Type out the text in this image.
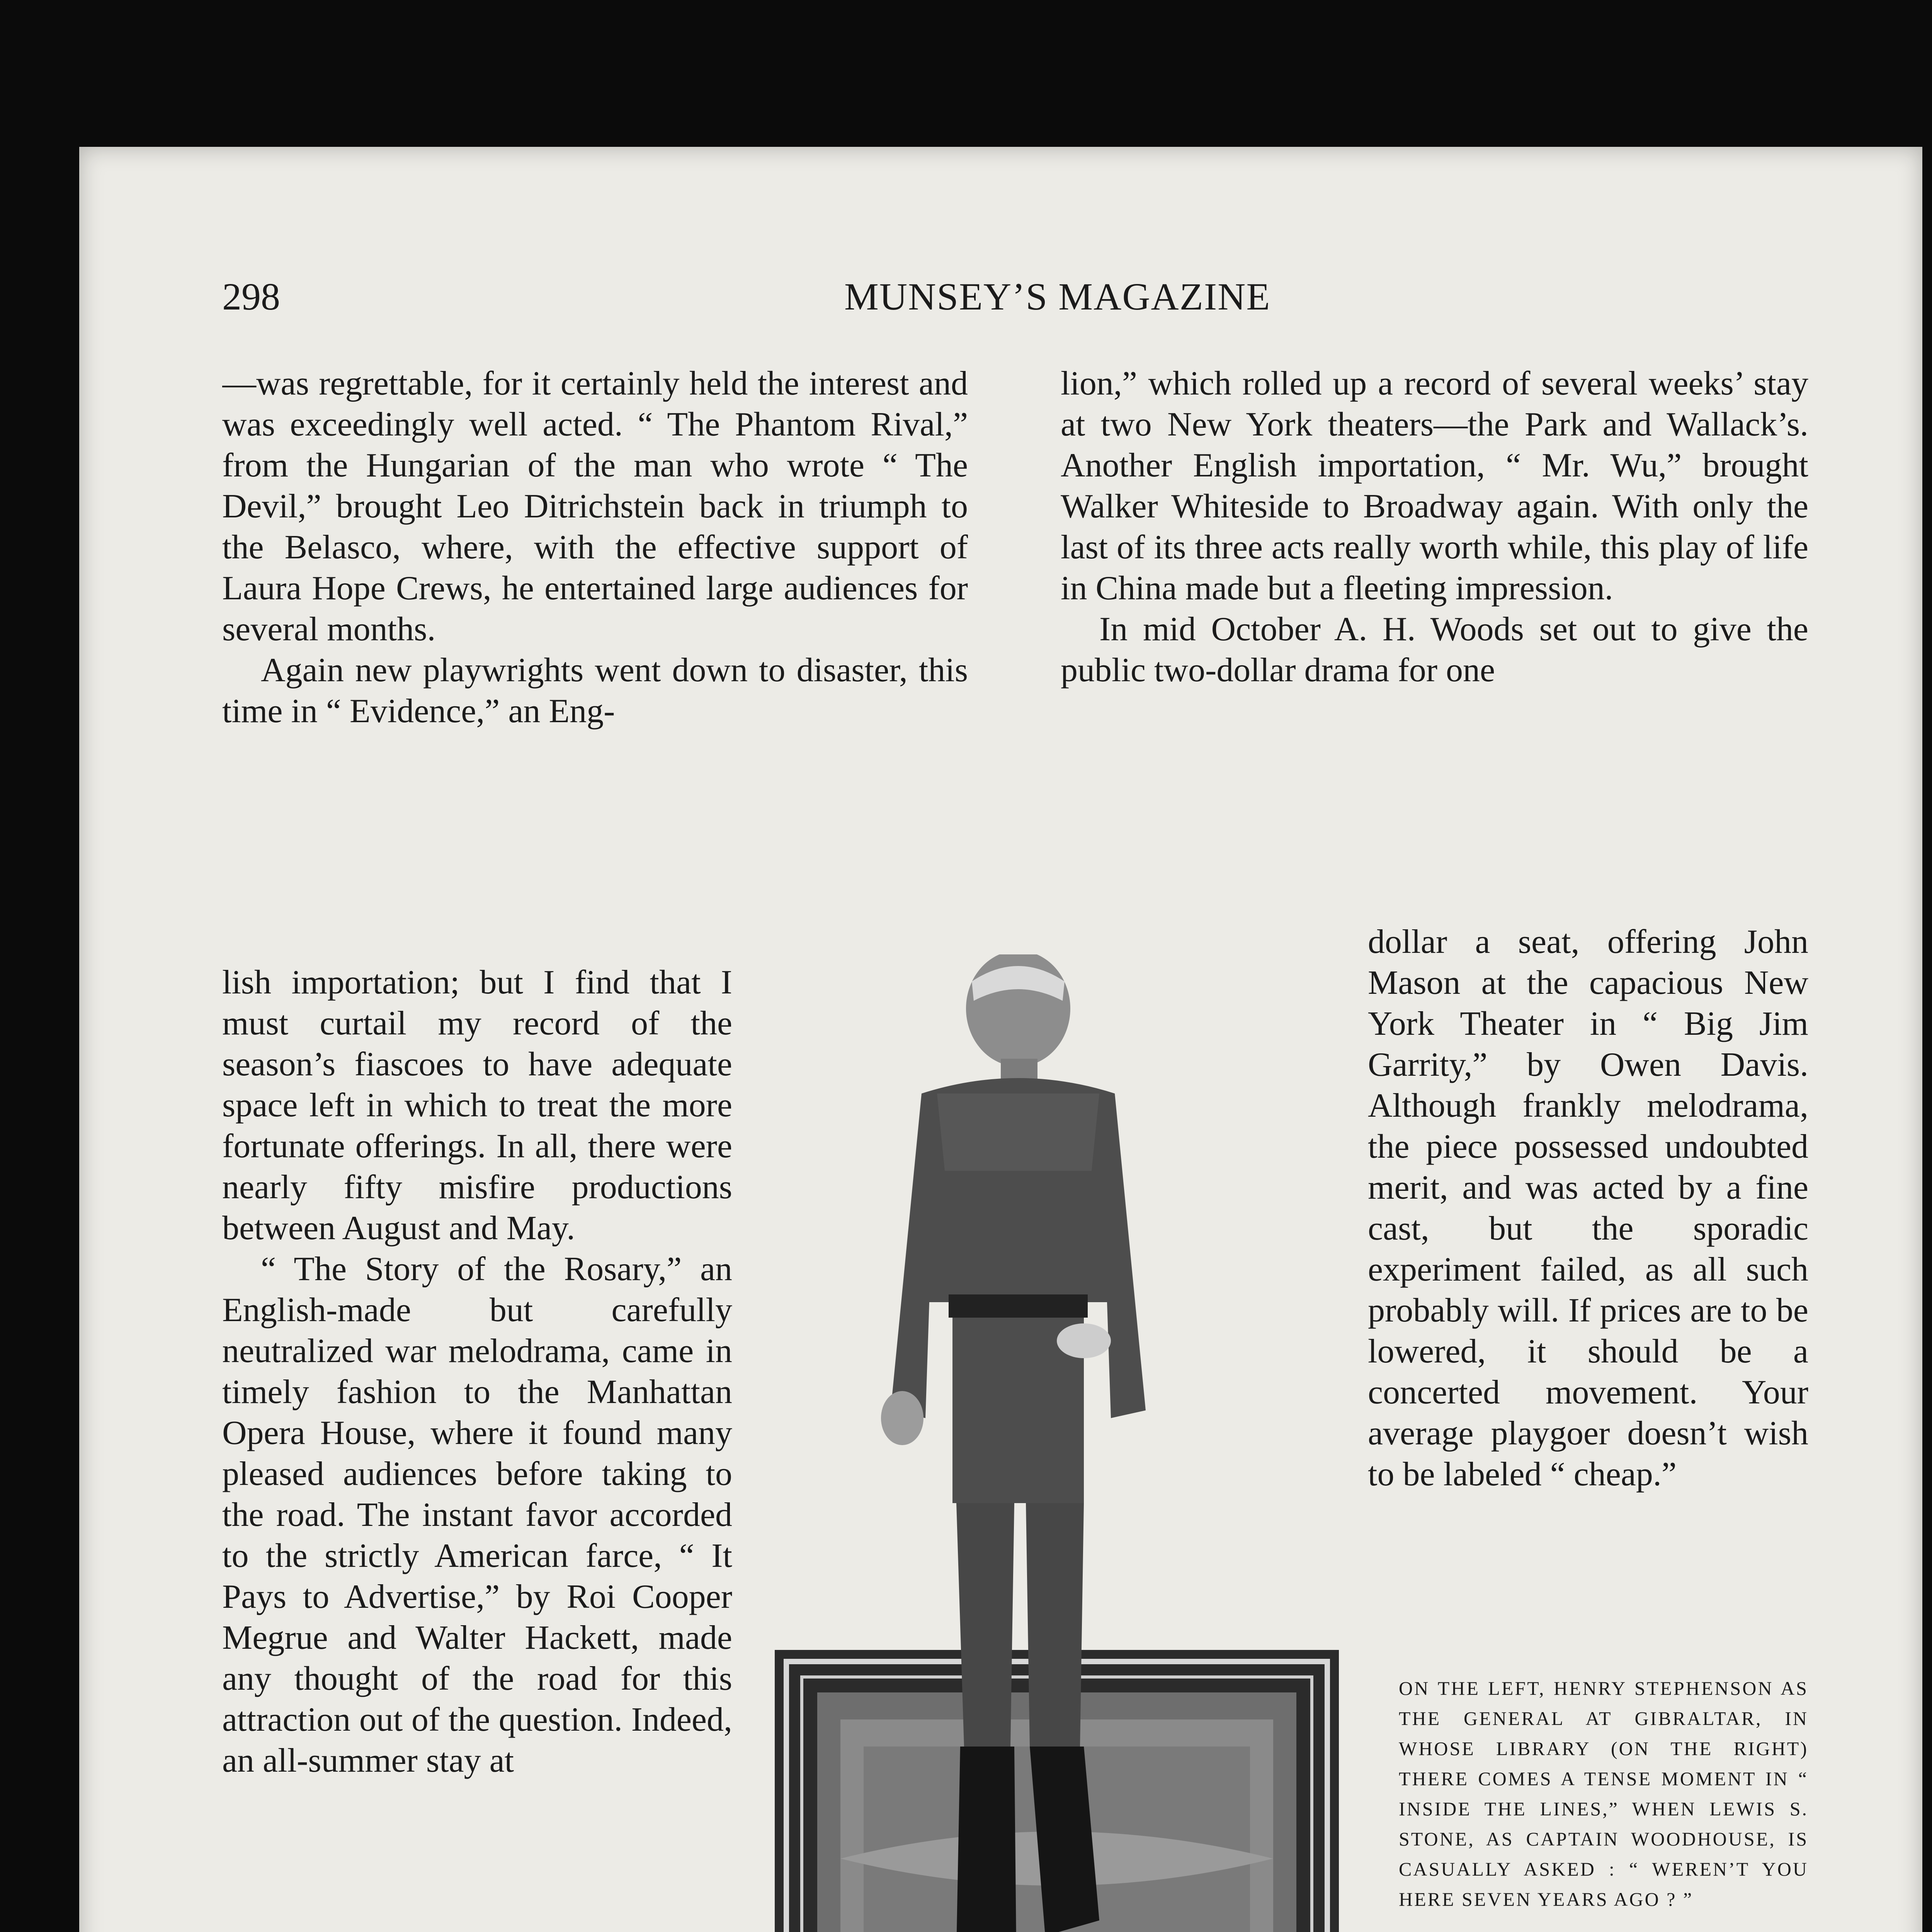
298	MUNSEY’S MAGAZINE

—was regrettable, for it certainly held the interest and was exceedingly well acted. “ The Phantom Rival,” from the Hungarian of the man who wrote “ The Devil,” brought Leo Ditrichstein back in triumph to the Belasco, where, with the effective support of Laura Hope Crews, he entertained large audiences for several months.

Again new playwrights went down to disaster, this time in “ Evidence,” an Eng-

lish importation; but I find that I must curtail my record of the season’s fiascoes to have adequate space left in which to treat the more fortunate offerings. In all, there were nearly fifty misfire productions between August and May.

“ The Story of the Rosary,” an English-made but carefully neutralized war melodrama, came in timely fashion to the Manhattan Opera House, where it found many pleased audiences before taking to the road. The instant favor accorded to the strictly American farce, “ It Pays to Advertise,” by Roi Cooper Megrue and Walter Hackett, made any thought of the road for this attraction out of the question. Indeed, an all-summer stay at

lion,” which rolled up a record of several weeks’ stay at two New York theaters—the Park and Wallack’s. Another English importation, “ Mr. Wu,” brought Walker Whiteside to Broadway again. With only the last of its three acts really worth while, this play of life in China made but a fleeting impression.

In mid October A. H. Woods set out to give the public two-dollar drama for one

dollar a seat, offering John Mason at the capacious New York Theater in “ Big Jim Garrity,” by Owen Davis. Although frankly melodrama, the piece possessed undoubted merit, and was acted by a fine cast, but the sporadic experiment failed, as all such probably will. If prices are to be lowered, it should be a concerted movement. Your average playgoer doesn’t wish to be labeled “ cheap.”

ON THE LEFT, HENRY STEPHENSON AS THE GENERAL AT GIBRALTAR, IN WHOSE LIBRARY (ON THE RIGHT) THERE COMES A TENSE MOMENT IN “ INSIDE THE LINES,” WHEN LEWIS S. STONE, AS CAPTAIN WOODHOUSE, IS CASUALLY ASKED : “ WEREN’T YOU HERE SEVEN YEARS AGO ? ”
